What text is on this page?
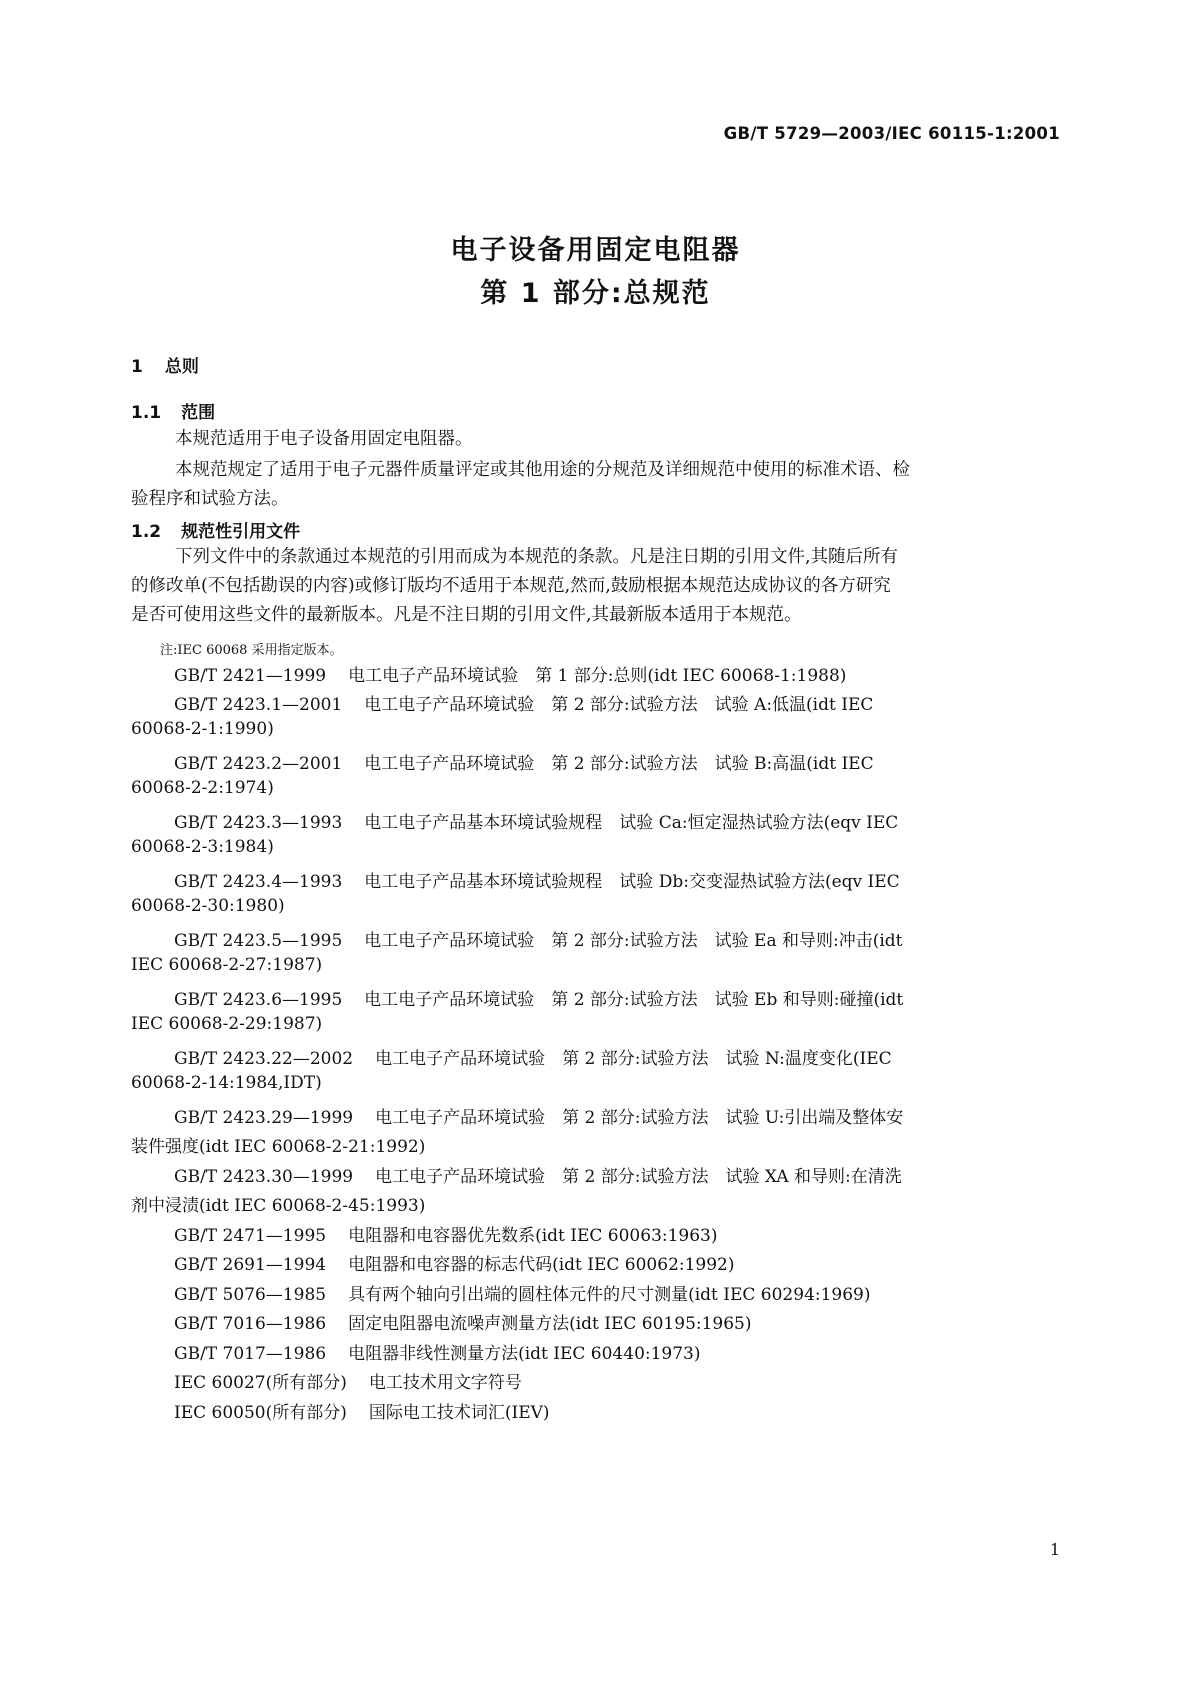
GB/T 5729—2003/IEC 60115-1:2001
电子设备用固定电阻器
第 1 部分:总规范
1 总则
1.1 范围
本规范适用于电子设备用固定电阻器。
本规范规定了适用于电子元器件质量评定或其他用途的分规范及详细规范中使用的标准术语、检
验程序和试验方法。
1.2 规范性引用文件
下列文件中的条款通过本规范的引用而成为本规范的条款。凡是注日期的引用文件,其随后所有
的修改单(不包括勘误的内容)或修订版均不适用于本规范,然而,鼓励根据本规范达成协议的各方研究
是否可使用这些文件的最新版本。凡是不注日期的引用文件,其最新版本适用于本规范。
注:IEC 60068 采用指定版本。
GB/T 2421—1999 电工电子产品环境试验　第 1 部分:总则(idt IEC 60068-1:1988)
GB/T 2423.1—2001 电工电子产品环境试验　第 2 部分:试验方法　试验 A:低温(idt IEC
60068-2-1:1990)
GB/T 2423.2—2001 电工电子产品环境试验　第 2 部分:试验方法　试验 B:高温(idt IEC
60068-2-2:1974)
GB/T 2423.3—1993 电工电子产品基本环境试验规程　试验 Ca:恒定湿热试验方法(eqv IEC
60068-2-3:1984)
GB/T 2423.4—1993 电工电子产品基本环境试验规程　试验 Db:交变湿热试验方法(eqv IEC
60068-2-30:1980)
GB/T 2423.5—1995 电工电子产品环境试验　第 2 部分:试验方法　试验 Ea 和导则:冲击(idt
IEC 60068-2-27:1987)
GB/T 2423.6—1995 电工电子产品环境试验　第 2 部分:试验方法　试验 Eb 和导则:碰撞(idt
IEC 60068-2-29:1987)
GB/T 2423.22—2002 电工电子产品环境试验　第 2 部分:试验方法　试验 N:温度变化(IEC
60068-2-14:1984,IDT)
GB/T 2423.29—1999 电工电子产品环境试验　第 2 部分:试验方法　试验 U:引出端及整体安
装件强度(idt IEC 60068-2-21:1992)
GB/T 2423.30—1999 电工电子产品环境试验　第 2 部分:试验方法　试验 XA 和导则:在清洗
剂中浸渍(idt IEC 60068-2-45:1993)
GB/T 2471—1995 电阻器和电容器优先数系(idt IEC 60063:1963)
GB/T 2691—1994 电阻器和电容器的标志代码(idt IEC 60062:1992)
GB/T 5076—1985 具有两个轴向引出端的圆柱体元件的尺寸测量(idt IEC 60294:1969)
GB/T 7016—1986 固定电阻器电流噪声测量方法(idt IEC 60195:1965)
GB/T 7017—1986 电阻器非线性测量方法(idt IEC 60440:1973)
IEC 60027(所有部分) 电工技术用文字符号
IEC 60050(所有部分) 国际电工技术词汇(IEV)
1
